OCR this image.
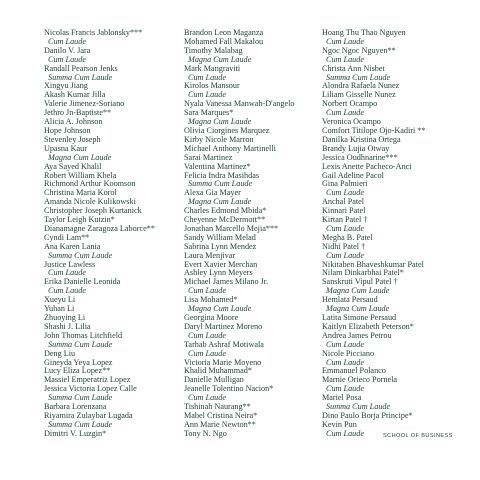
Nicolas Francis Jablonsky***
Cum Laude
Danilo V. Jara
Cum Laude
Randall Pearson Jenks
Summa Cum Laude
Xingyu Jiang
Akash Kumar Jilla
Valerie Jimenez-Soriano
Jethro Jn-Baptiste**
Alicia A. Johnson
Hope Johnson
Stevenley Joseph
Upasna Kaur
Magna Cum Laude
Aya Sayed Khalil
Robert William Khela
Richmond Arthur Koomson
Christina Maria Korol
Amanda Nicole Kulikowski
Christopher Joseph Kurtanick
Taylor Leigh Kutzin*
Dianamagne Zaragoza Laborce**
Cyndi Lam**
Ana Karen Lania
Summa Cum Laude
Justice Lawless
Cum Laude
Erika Danielle Leonida
Cum Laude
Xueyu Li
Yuhan Li
Zhuoying Li
Shashi J. Lilia
John Thomas Litchfield
Summa Cum Laude
Deng Liu
Gineyda Yeya Lopez
Lucy Eliza Lopez**
Massiel Emperatriz Lopez
Jessica Victoria Lopez Calle
Summa Cum Laude
Barbara Lorenzana
Riyamira Zulaybar Lugada
Summa Cum Laude
Dimitri V. Luzgin*
Brandon Leon Maganza
Mohamed Fall Makalou
Timothy Malabag
Magna Cum Laude
Mark Mangraviti
Cum Laude
Kirolos Mansour
Cum Laude
Nyala Vanessa Manwah-D'angelo
Sara Marques*
Magna Cum Laude
Olivia Ciorgines Marquez
Kirby Nicole Marron
Michael Anthony Martinelli
Sarai Martinez
Valentina Martinez*
Felicia Indra Masihdas
Summa Cum Laude
Alexa Gia Mayer
Magna Cum Laude
Charles Edmond Mbida*
Cheyenne McDermott**
Jonathan Marcello Mejia***
Sandy William Melad
Sabrina Lynn Mendez
Laura Menjivar
Evert Xavier Merchan
Ashley Lynn Meyers
Michael James Milano Jr.
Cum Laude
Lisa Mohamed*
Magna Cum Laude
Georgina Moore
Daryl Martinez Moreno
Cum Laude
Tarhab Ashraf Motiwala
Cum Laude
Victoria Marie Moyeno
Khalid Muhammad*
Danielle Mulligan
Jeanelle Tolentino Nacion*
Cum Laude
Tishinah Naurang**
Mabel Cristina Neira*
Ann Marie Newton**
Tony N. Ngo
Hoang Thu Thao Nguyen
Cum Laude
Ngoc Ngoc Nguyen**
Cum Laude
Christa Ann Nisbet
Summa Cum Laude
Alondra Rafaela Nunez
Liliam Gisselle Nunez
Norbert Ocampo
Cum Laude
Veronica Ocampo
Comfort Titilope Ojo-Kadiri **
Danilka Kristina Ortega
Brandy Lujia Otway
Jessica Oudhnarine***
Lexis Anette Pacheco-Anci
Gail Adeline Pacol
Gina Palmieri
Cum Laude
Anchal Patel
Kinnari Patel
Kirtan Patel †
Cum Laude
Megha B. Patel
Nidhi Patel †
Cum Laude
Nikitaben Bhaveshkumar Patel
Nilam Dinkarbhai Patel*
Sanskruti Vipul Patel †
Magna Cum Laude
Hemlata Persaud
Magna Cum Laude
Latita Simone Persaud
Kaitlyn Elizabeth Peterson*
Andrea James Petrou
Cum Laude
Nicole Picciano
Cum Laude
Emmanuel Polanco
Marnie Orieco Pornela
Cum Laude
Mariel Posa
Summa Cum Laude
Dino Paulo Borja Principe*
Kevin Pun
Cum Laude	SCHOOL OF BUSINESS
